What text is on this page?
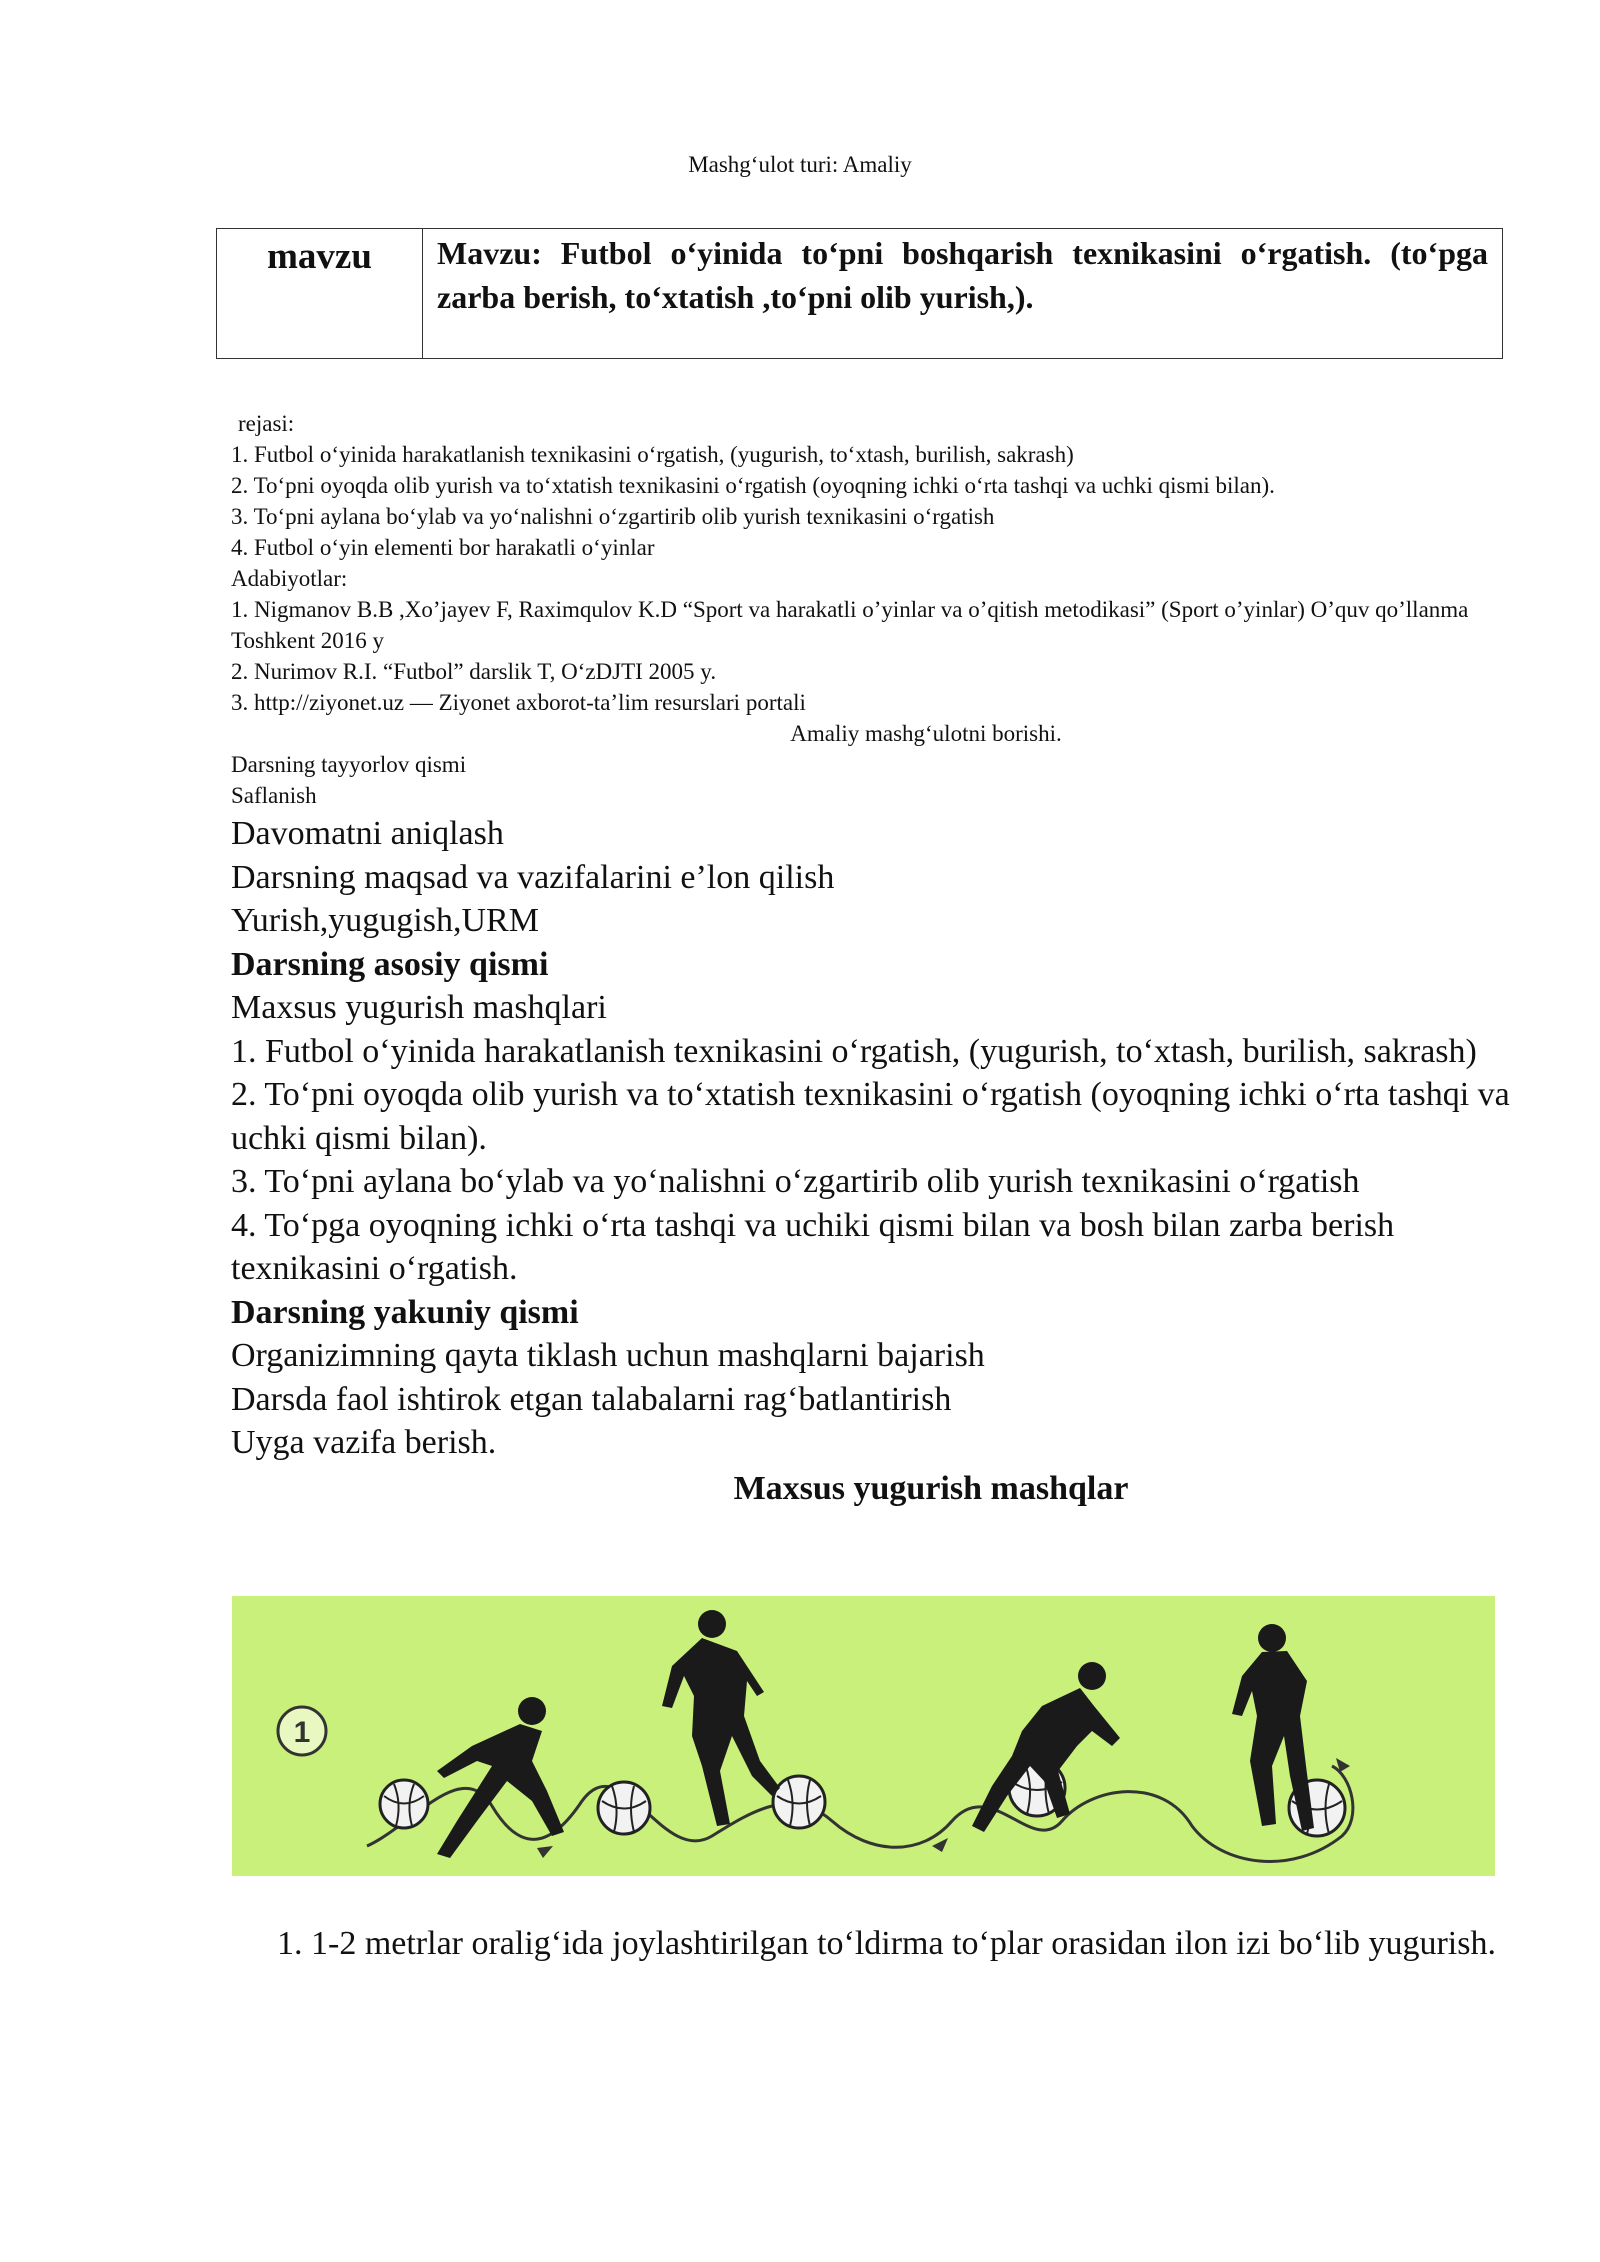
Mashg‘ulot turi: Amaliy
mavzu	Mavzu: Futbol o‘yinida to‘pni boshqarish texnikasini o‘rgatish. (to‘pga zarba berish, to‘xtatish ,to‘pni olib yurish,).
rejasi:
1. Futbol o‘yinida harakatlanish texnikasini o‘rgatish, (yugurish, to‘xtash, burilish, sakrash)
2. To‘pni oyoqda olib yurish va to‘xtatish texnikasini o‘rgatish (oyoqning ichki o‘rta tashqi va uchki qismi bilan).
3. To‘pni aylana bo‘ylab va yo‘nalishni o‘zgartirib olib yurish texnikasini o‘rgatish
4. Futbol o‘yin elementi bor harakatli o‘yinlar
Adabiyotlar:
1. Nigmanov B.B ,Xo’jayev F, Raximqulov K.D “Sport va harakatli o’yinlar va o’qitish metodikasi” (Sport o’yinlar) O’quv qo’llanma Toshkent 2016 y
2. Nurimov R.I. “Futbol” darslik T, O‘zDJTI 2005 y.
3. http://ziyonet.uz — Ziyonet axborot-ta’lim resurslari portali
Amaliy mashg‘ulotni borishi.
Darsning tayyorlov qismi
Saflanish
Davomatni aniqlash
Darsning maqsad va vazifalarini e’lon qilish
Yurish,yugugish,URM
Darsning asosiy qismi
Maxsus yugurish mashqlari
1. Futbol o‘yinida harakatlanish texnikasini o‘rgatish, (yugurish, to‘xtash, burilish, sakrash)
2. To‘pni oyoqda olib yurish va to‘xtatish texnikasini o‘rgatish (oyoqning ichki o‘rta tashqi va uchki qismi bilan).
3. To‘pni aylana bo‘ylab va yo‘nalishni o‘zgartirib olib yurish texnikasini o‘rgatish
4. To‘pga oyoqning ichki o‘rta tashqi va uchiki qismi bilan va bosh bilan zarba berish texnikasini o‘rgatish.
Darsning yakuniy qismi
Organizimning qayta tiklash uchun mashqlarni bajarish
Darsda faol ishtirok etgan talabalarni rag‘batlantirish
Uyga vazifa berish.
Maxsus yugurish mashqlar
1
1. 1-2 metrlar oralig‘ida joylashtirilgan to‘ldirma to‘plar orasidan ilon izi bo‘lib yugurish.
